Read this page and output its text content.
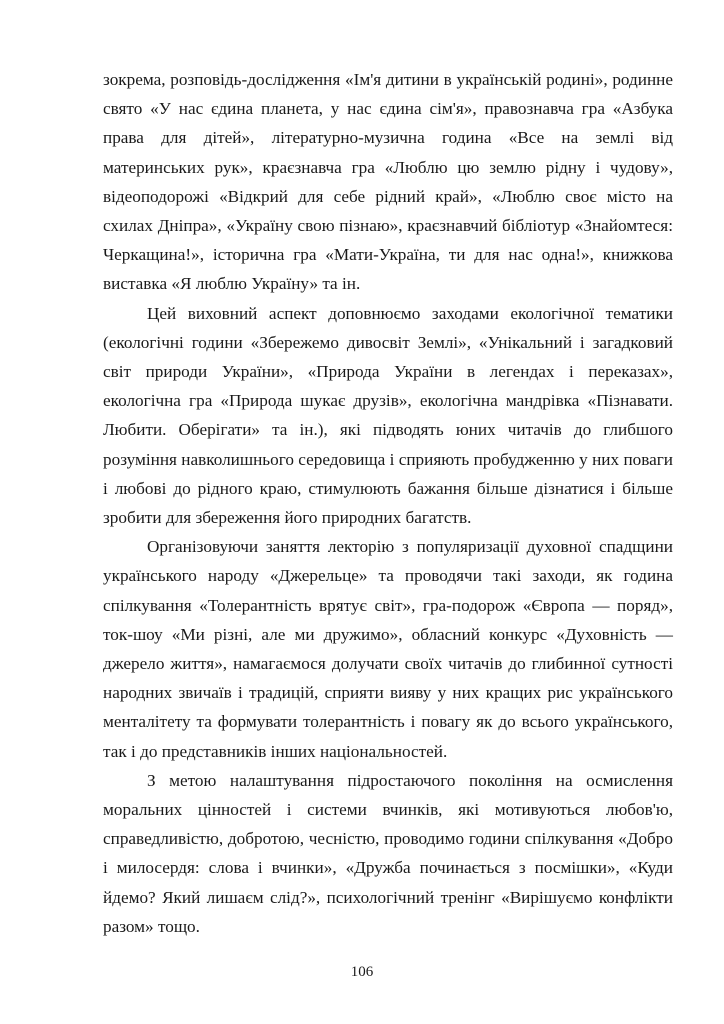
зокрема, розповідь-дослідження «Ім'я дитини в українській родині», родинне свято «У нас єдина планета, у нас єдина сім'я», правознавча гра «Азбука права для дітей», літературно-музична година «Все на землі від материнських рук», краєзнавча гра «Люблю цю землю рідну і чудову», відеоподорожі «Відкрий для себе рідний край», «Люблю своє місто на схилах Дніпра», «Україну свою пізнаю», краєзнавчий бібліотур «Знайомтеся: Черкащина!», історична гра «Мати-Україна, ти для нас одна!», книжкова виставка «Я люблю Україну» та ін.

Цей виховний аспект доповнюємо заходами екологічної тематики (екологічні години «Збережемо дивосвіт Землі», «Унікальний і загадковий світ природи України», «Природа України в легендах і переказах», екологічна гра «Природа шукає друзів», екологічна мандрівка «Пізнавати. Любити. Оберігати» та ін.), які підводять юних читачів до глибшого розуміння навколишнього середовища і сприяють пробудженню у них поваги і любові до рідного краю, стимулюють бажання більше дізнатися і більше зробити для збереження його природних багатств.

Організовуючи заняття лекторію з популяризації духовної спадщини українського народу «Джерельце» та проводячи такі заходи, як година спілкування «Толерантність врятує світ», гра-подорож «Європа — поряд», ток-шоу «Ми різні, але ми дружимо», обласний конкурс «Духовність — джерело життя», намагаємося долучати своїх читачів до глибинної сутності народних звичаїв і традицій, сприяти вияву у них кращих рис українського менталітету та формувати толерантність і повагу як до всього українського, так і до представників інших національностей.

З метою налаштування підростаючого покоління на осмислення моральних цінностей і системи вчинків, які мотивуються любов'ю, справедливістю, добротою, чесністю, проводимо години спілкування «Добро і милосердя: слова і вчинки», «Дружба починається з посмішки», «Куди йдемо? Який лишаєм слід?», психологічний тренінг «Вирішуємо конфлікти разом» тощо.

106
